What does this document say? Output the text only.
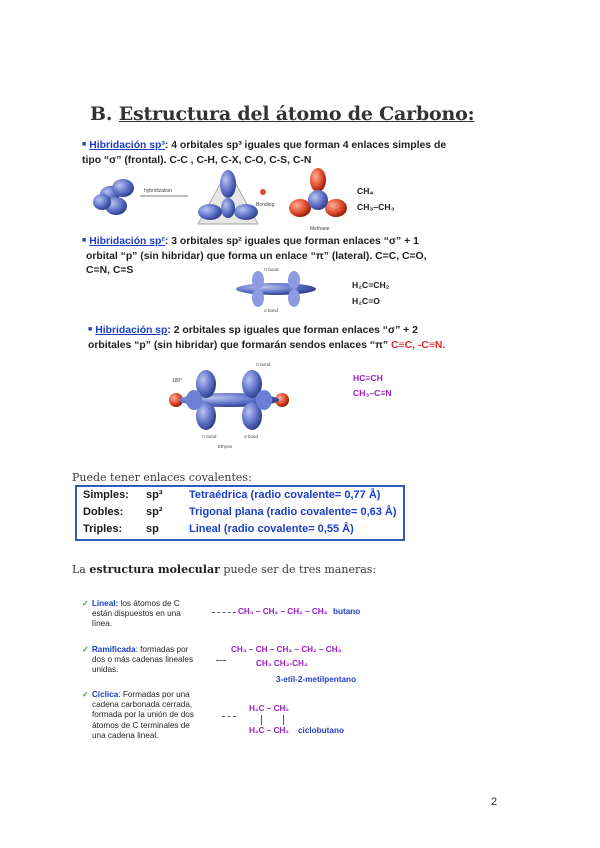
B. Estructura del átomo de Carbono:
■ Hibridación sp³: 4 orbitales sp³ iguales que forman 4 enlaces simples de
tipo “σ” (frontal). C-C , C-H, C-X, C-O, C-S, C-N
hybridization
Bonding
Methane
CH₄
CH₃–CH₃
■ Hibridación sp²: 3 orbitales sp² iguales que forman enlaces “σ” + 1
orbital “p” (sin hibridar) que forma un enlace “π” (lateral). C=C, C=O,
C=N, C=S	π bond
σ bond
H₂C=CH₂
H₂C=O
■ Hibridación sp: 2 orbitales sp iguales que forman enlaces “σ” + 2
orbitales “p” (sin hibridar) que formarán sendos enlaces “π” C≡C, -C≡N.
180°
π bond
π bond	σ bond
Ethyne
HC≡CH
CH₃–C≡N
Puede tener enlaces covalentes:
Simples: sp³ Tetraédrica (radio covalente= 0,77 Å)
Dobles: sp² Trigonal plana (radio covalente= 0,63 Å)
Triples: sp	Lineal (radio covalente= 0,55 Å)
La estructura molecular puede ser de tres maneras:
✓ Lineal: los átomos de C
están dispuestos en una
línea.
CH₃ – CH₂ – CH₂ – CH₃ butano
✓ Ramificada: formadas por
dos o más cadenas lineales
unidas.
CH₃ – CH – CH₂ – CH₂ – CH₃
CH₃ CH₂-CH₃
3-etil-2-metilpentano
✓ Cíclica: Formadas por una
cadena carbonada cerrada,
formada por la unión de dos
átomos de C terminales de
una cadena lineal.
H₂C – CH₂
H₂C – CH₂ ciclobutano
2
